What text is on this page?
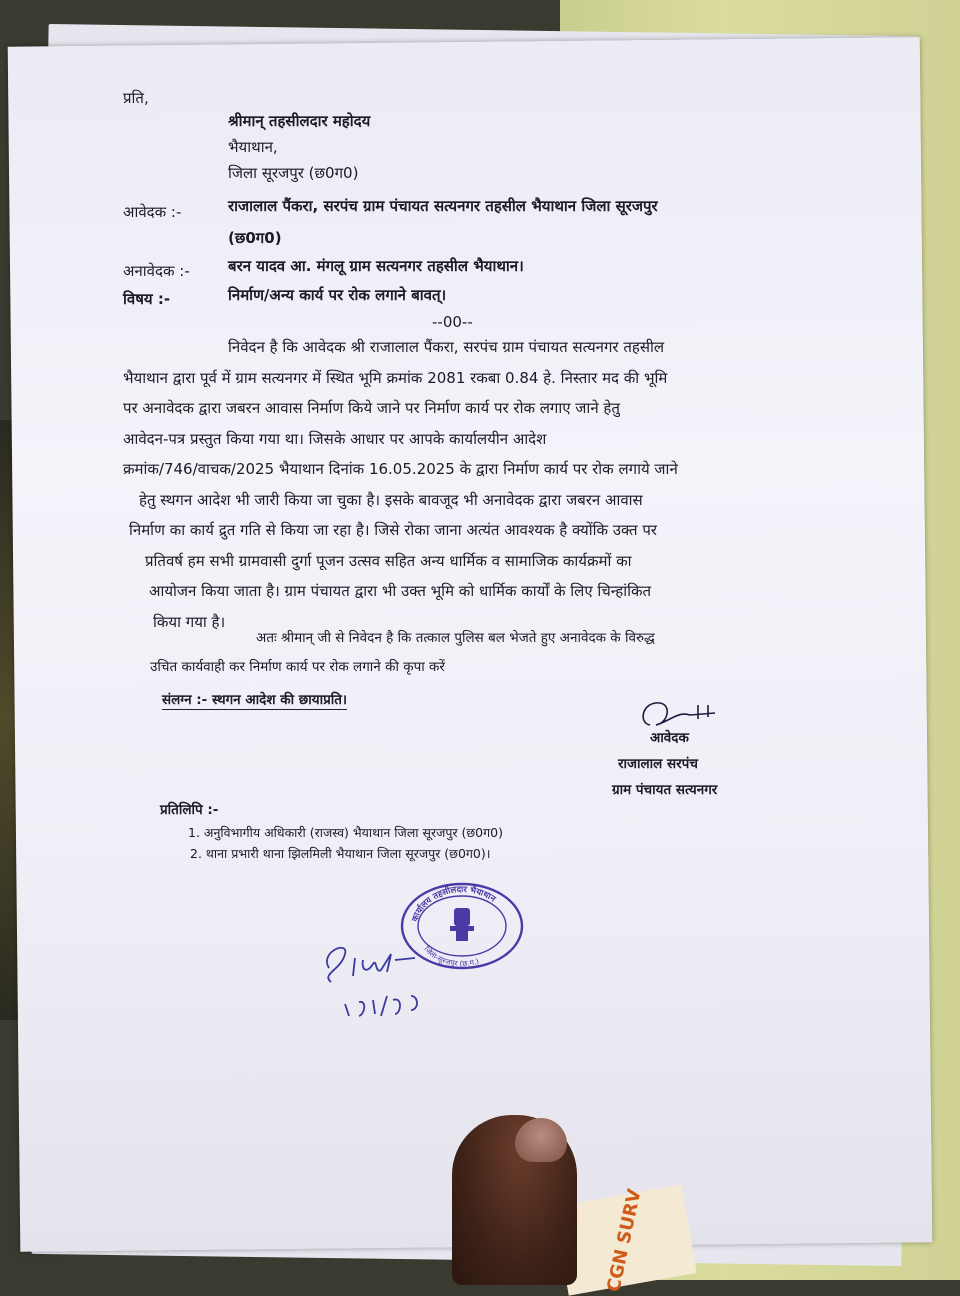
प्रति,
श्रीमान् तहसीलदार महोदय
भैयाथान,
जिला सूरजपुर (छ0ग0)
आवेदक :-	राजालाल पैंकरा, सरपंच ग्राम पंचायत सत्यनगर तहसील भैयाथान जिला सूरजपुर
(छ0ग0)
अनावेदक :-	बरन यादव आ. मंगलू ग्राम सत्यनगर तहसील भैयाथान।
विषय :-	निर्माण/अन्य कार्य पर रोक लगाने बावत्।
--00--
निवेदन है कि आवेदक श्री राजालाल पैंकरा, सरपंच ग्राम पंचायत सत्यनगर तहसील
भैयाथान द्वारा पूर्व में ग्राम सत्यनगर में स्थित भूमि क्रमांक 2081 रकबा 0.84 हे. निस्तार मद की भूमि
पर अनावेदक द्वारा जबरन आवास निर्माण किये जाने पर निर्माण कार्य पर रोक लगाए जाने हेतु
आवेदन-पत्र प्रस्तुत किया गया था। जिसके आधार पर आपके कार्यालयीन आदेश
क्रमांक/746/वाचक/2025 भैयाथान दिनांक 16.05.2025 के द्वारा निर्माण कार्य पर रोक लगाये जाने
हेतु स्थगन आदेश भी जारी किया जा चुका है। इसके बावजूद भी अनावेदक द्वारा जबरन आवास
निर्माण का कार्य द्रुत गति से किया जा रहा है। जिसे रोका जाना अत्यंत आवश्यक है क्योंकि उक्त पर
प्रतिवर्ष हम सभी ग्रामवासी दुर्गा पूजन उत्सव सहित अन्य धार्मिक व सामाजिक कार्यक्रमों का
आयोजन किया जाता है। ग्राम पंचायत द्वारा भी उक्त भूमि को धार्मिक कार्यों के लिए चिन्हांकित
किया गया है।
अतः श्रीमान् जी से निवेदन है कि तत्काल पुलिस बल भेजते हुए अनावेदक के विरुद्ध
उचित कार्यवाही कर निर्माण कार्य पर रोक लगाने की कृपा करें
संलग्न :- स्थगन आदेश की छायाप्रति।
आवेदक
राजालाल सरपंच
ग्राम पंचायत सत्यनगर
प्रतिलिपि :-
1. अनुविभागीय अधिकारी (राजस्व) भैयाथान जिला सूरजपुर (छ0ग0)
2. थाना प्रभारी थाना झिलमिली भैयाथान जिला सूरजपुर (छ0ग0)।
कार्यालय तहसीलदार भैयाथान
जिला-सूरजपुर (छ.ग.)
CGN SURV
